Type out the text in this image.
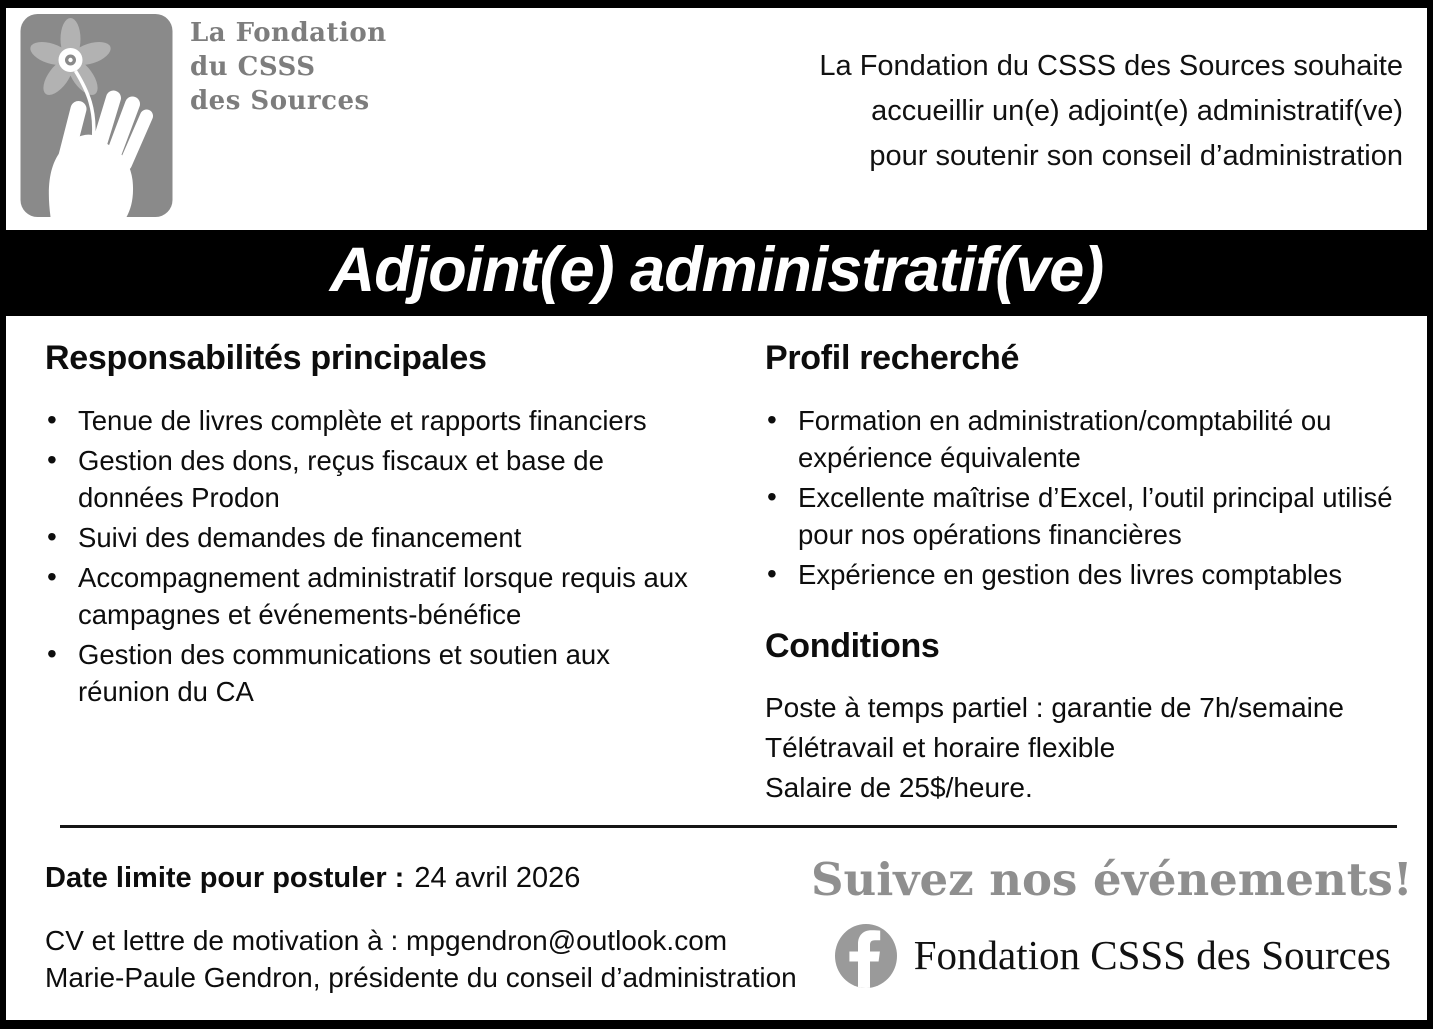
La Fondation
du CSSS
des Sources
La Fondation du CSSS des Sources souhaite
accueillir un(e) adjoint(e) administratif(ve)
pour soutenir son conseil d’administration
Adjoint(e) administratif(ve)
Responsabilités principales
• Tenue de livres complète et rapports financiers
• Gestion des dons, reçus fiscaux et base de données Prodon
• Suivi des demandes de financement
• Accompagnement administratif lorsque requis aux campagnes et événements-bénéfice
• Gestion des communications et soutien aux réunion du CA
Profil recherché
• Formation en administration/comptabilité ou expérience équivalente
• Excellente maîtrise d’Excel, l’outil principal utilisé pour nos opérations financières
• Expérience en gestion des livres comptables
Conditions
Poste à temps partiel : garantie de 7h/semaine
Télétravail et horaire flexible
Salaire de 25$/heure.
Date limite pour postuler : 24 avril 2026
CV et lettre de motivation à : mpgendron@outlook.com
Marie-Paule Gendron, présidente du conseil d’administration
Suivez nos événements!
Fondation CSSS des Sources
